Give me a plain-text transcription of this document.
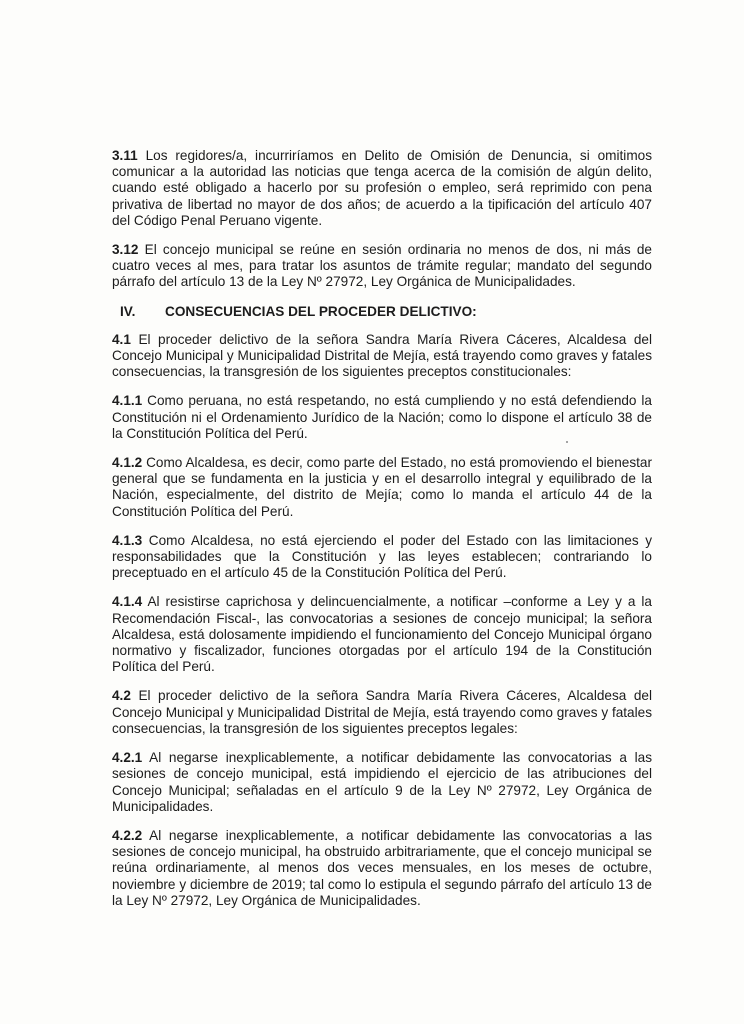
3.11 Los regidores/a, incurriríamos en Delito de Omisión de Denuncia, si omitimos comunicar a la autoridad las noticias que tenga acerca de la comisión de algún delito, cuando esté obligado a hacerlo por su profesión o empleo, será reprimido con pena privativa de libertad no mayor de dos años; de acuerdo a la tipificación del artículo 407 del Código Penal Peruano vigente.

3.12 El concejo municipal se reúne en sesión ordinaria no menos de dos, ni más de cuatro veces al mes, para tratar los asuntos de trámite regular; mandato del segundo párrafo del artículo 13 de la Ley Nº 27972, Ley Orgánica de Municipalidades.

IV.	CONSECUENCIAS DEL PROCEDER DELICTIVO:

4.1 El proceder delictivo de la señora Sandra María Rivera Cáceres, Alcaldesa del Concejo Municipal y Municipalidad Distrital de Mejía, está trayendo como graves y fatales consecuencias, la transgresión de los siguientes preceptos constitucionales:

4.1.1 Como peruana, no está respetando, no está cumpliendo y no está defendiendo la Constitución ni el Ordenamiento Jurídico de la Nación; como lo dispone el artículo 38 de la Constitución Política del Perú.

4.1.2 Como Alcaldesa, es decir, como parte del Estado, no está promoviendo el bienestar general que se fundamenta en la justicia y en el desarrollo integral y equilibrado de la Nación, especialmente, del distrito de Mejía; como lo manda el artículo 44 de la Constitución Política del Perú.

4.1.3 Como Alcaldesa, no está ejerciendo el poder del Estado con las limitaciones y responsabilidades que la Constitución y las leyes establecen; contrariando lo preceptuado en el artículo 45 de la Constitución Política del Perú.

4.1.4 Al resistirse caprichosa y delincuencialmente, a notificar –conforme a Ley y a la Recomendación Fiscal-, las convocatorias a sesiones de concejo municipal; la señora Alcaldesa, está dolosamente impidiendo el funcionamiento del Concejo Municipal órgano normativo y fiscalizador, funciones otorgadas por el artículo 194 de la Constitución Política del Perú.

4.2 El proceder delictivo de la señora Sandra María Rivera Cáceres, Alcaldesa del Concejo Municipal y Municipalidad Distrital de Mejía, está trayendo como graves y fatales consecuencias, la transgresión de los siguientes preceptos legales:

4.2.1 Al negarse inexplicablemente, a notificar debidamente las convocatorias a las sesiones de concejo municipal, está impidiendo el ejercicio de las atribuciones del Concejo Municipal; señaladas en el artículo 9 de la Ley Nº 27972, Ley Orgánica de Municipalidades.

4.2.2 Al negarse inexplicablemente, a notificar debidamente las convocatorias a las sesiones de concejo municipal, ha obstruido arbitrariamente, que el concejo municipal se reúna ordinariamente, al menos dos veces mensuales, en los meses de octubre, noviembre y diciembre de 2019; tal como lo estipula el segundo párrafo del artículo 13 de la Ley Nº 27972, Ley Orgánica de Municipalidades.
